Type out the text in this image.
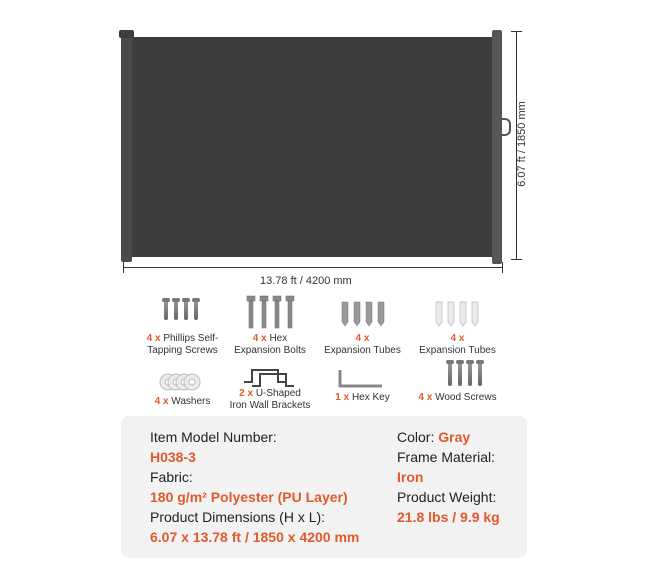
6.07 ft / 1850 mm
13.78 ft / 4200 mm
4 x Phillips Self-
Tapping Screws
4 x Hex
Expansion Bolts
4 x
Expansion Tubes
4 x
Expansion Tubes
4 x Washers
2 x U-Shaped
Iron Wall Brackets
1 x Hex Key	4 x Wood Screws
Item Model Number:
H038-3
Fabric:
180 g/m² Polyester (PU Layer)
Product Dimensions (H x L):
6.07 x 13.78 ft / 1850 x 4200 mm
Color: Gray
Frame Material:
Iron
Product Weight:
21.8 lbs / 9.9 kg
